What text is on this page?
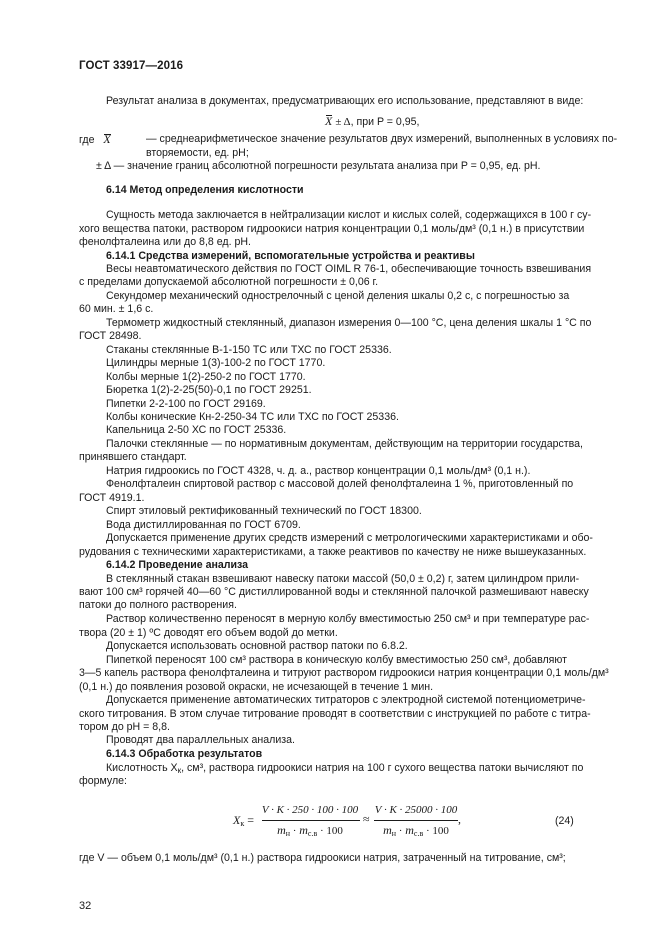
ГОСТ 33917—2016
Результат анализа в документах, предусматривающих его использование, представляют в виде:
X ± Δ, при P = 0,95,
где X	— среднеарифметическое значение результатов двух измерений, выполненных в условиях по-
вторяемости, ед. pH;
± Δ — значение границ абсолютной погрешности результата анализа при P = 0,95, ед. pH.
6.14 Метод определения кислотности
Сущность метода заключается в нейтрализации кислот и кислых солей, содержащихся в 100 г су-
хого вещества патоки, раствором гидроокиси натрия концентрации 0,1 моль/дм³ (0,1 н.) в присутствии
фенолфталеина или до 8,8 ед. pH.
6.14.1 Средства измерений, вспомогательные устройства и реактивы
Весы неавтоматического действия по ГОСТ OIML R 76-1, обеспечивающие точность взвешивания
с пределами допускаемой абсолютной погрешности ± 0,06 г.
Секундомер механический однострелочный с ценой деления шкалы 0,2 с, с погрешностью за
60 мин. ± 1,6 с.
Термометр жидкостный стеклянный, диапазон измерения 0—100 °С, цена деления шкалы 1 °С по
ГОСТ 28498.
Стаканы стеклянные В-1-150 ТС или ТХС по ГОСТ 25336.
Цилиндры мерные 1(3)-100-2 по ГОСТ 1770.
Колбы мерные 1(2)-250-2 по ГОСТ 1770.
Бюретка 1(2)-2-25(50)-0,1 по ГОСТ 29251.
Пипетки 2-2-100 по ГОСТ 29169.
Колбы конические Кн-2-250-34 ТС или ТХС по ГОСТ 25336.
Капельница 2-50 ХС по ГОСТ 25336.
Палочки стеклянные — по нормативным документам, действующим на территории государства,
принявшего стандарт.
Натрия гидроокись по ГОСТ 4328, ч. д. а., раствор концентрации 0,1 моль/дм³ (0,1 н.).
Фенолфталеин спиртовой раствор с массовой долей фенолфталеина 1 %, приготовленный по
ГОСТ 4919.1.
Спирт этиловый ректификованный технический по ГОСТ 18300.
Вода дистиллированная по ГОСТ 6709.
Допускается применение других средств измерений с метрологическими характеристиками и обо-
рудования с техническими характеристиками, а также реактивов по качеству не ниже вышеуказанных.
6.14.2 Проведение анализа
В стеклянный стакан взвешивают навеску патоки массой (50,0 ± 0,2) г, затем цилиндром прили-
вают 100 см³ горячей 40—60 °С дистиллированной воды и стеклянной палочкой размешивают навеску
патоки до полного растворения.
Раствор количественно переносят в мерную колбу вместимостью 250 см³ и при температуре рас-
твора (20 ± 1) ºС доводят его объем водой до метки.
Допускается использовать основной раствор патоки по 6.8.2.
Пипеткой переносят 100 см³ раствора в коническую колбу вместимостью 250 см³, добавляют
3—5 капель раствора фенолфталеина и титруют раствором гидроокиси натрия концентрации 0,1 моль/дм³
(0,1 н.) до появления розовой окраски, не исчезающей в течение 1 мин.
Допускается применение автоматических титраторов с электродной системой потенциометриче-
ского титрования. В этом случае титрование проводят в соответствии с инструкцией по работе с титра-
тором до pH = 8,8.
Проводят два параллельных анализа.
6.14.3 Обработка результатов
Кислотность $X_к$, см³, раствора гидроокиси натрия на 100 г сухого вещества патоки вычисляют по
формуле:
$X_к$ =
V · K · 250 · 100 · 100
$m_н \cdot m_{с.в} \cdot 100$
≈
V · K · 25000 · 100
$m_н \cdot m_{с.в} \cdot 100$
,	(24)
где V — объем 0,1 моль/дм³ (0,1 н.) раствора гидроокиси натрия, затраченный на титрование, см³;
32
